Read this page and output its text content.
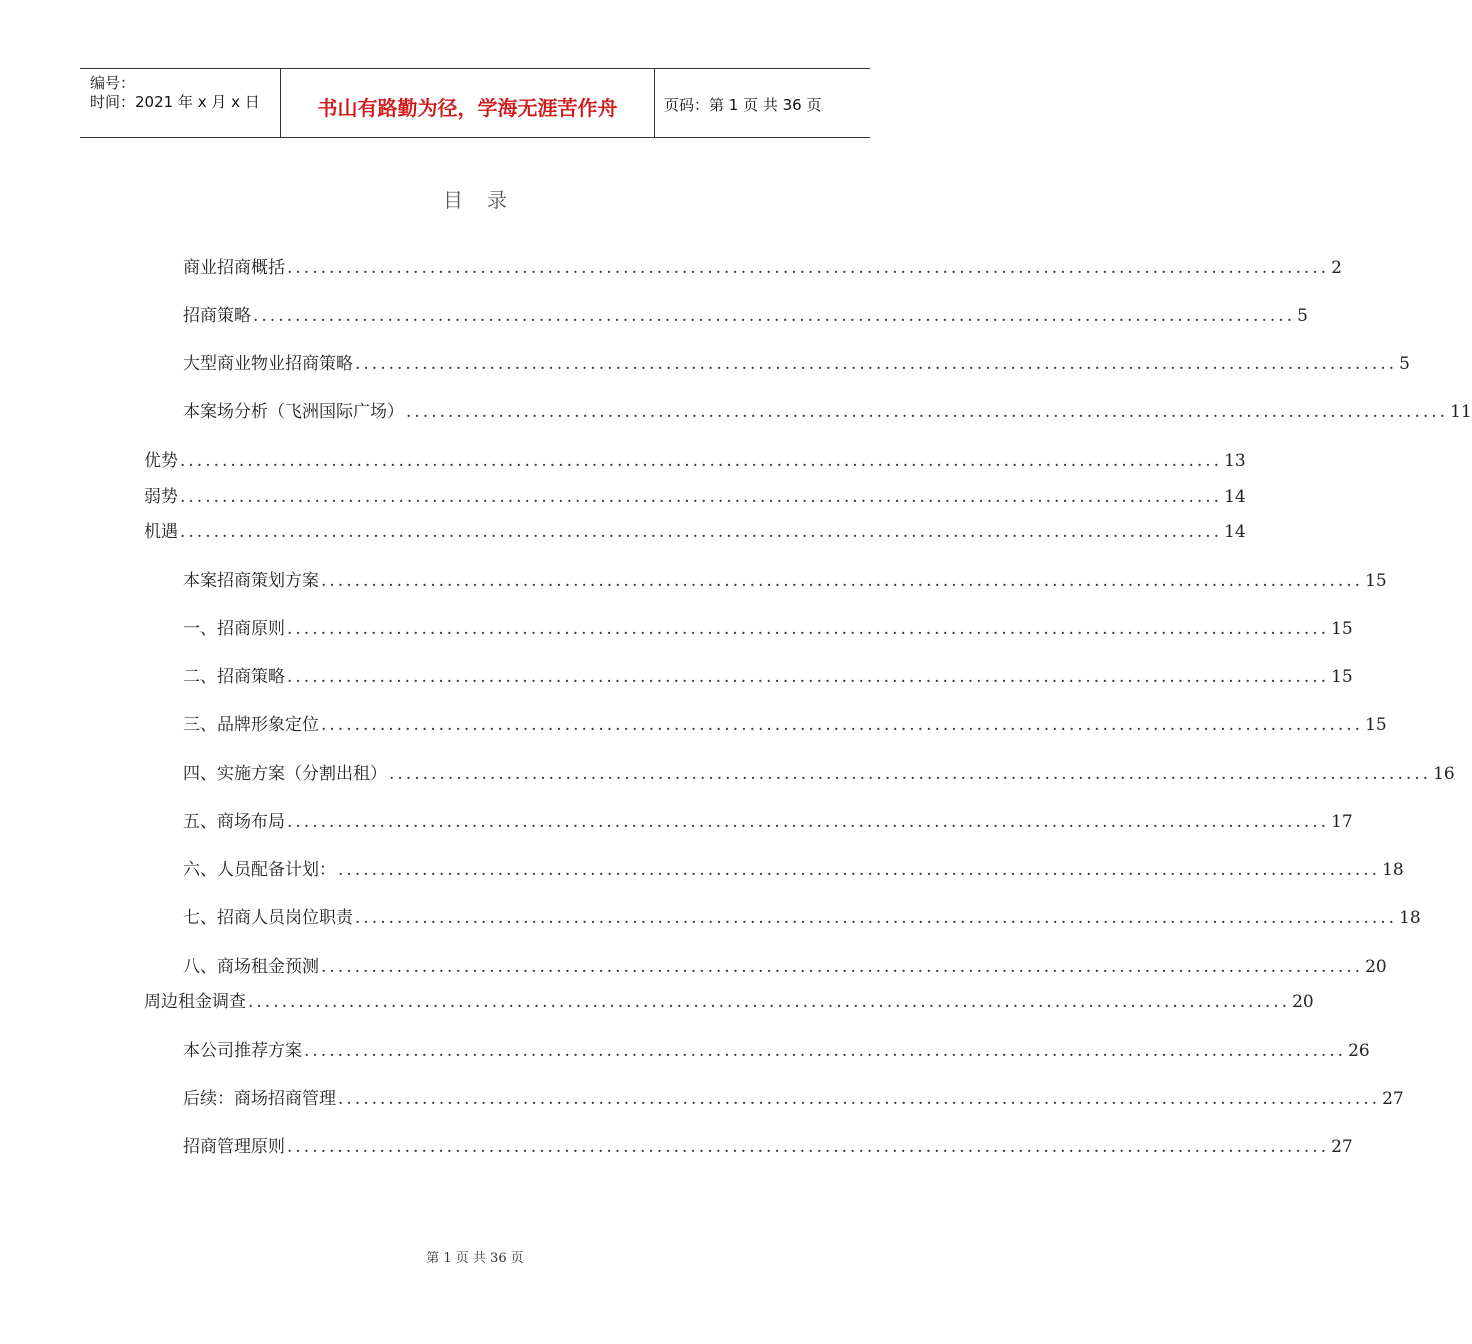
编号：
时间：2021 年 x 月 x 日	书山有路勤为径，学海无涯苦作舟	页码：第 1 页 共 36 页
目录
商业招商概括 ............................................................................................................................ 2
招商策略 ............................................................................................................................ 5
大型商业物业招商策略 ............................................................................................................................ 5
本案场分析（飞洲国际广场） ............................................................................................................................ 11
优势 ............................................................................................................................ 13
弱势 ............................................................................................................................ 14
机遇 ............................................................................................................................ 14
本案招商策划方案 ............................................................................................................................ 15
一、招商原则 ............................................................................................................................ 15
二、招商策略 ............................................................................................................................ 15
三、品牌形象定位 ............................................................................................................................ 15
四、实施方案（分割出租） ............................................................................................................................ 16
五、商场布局 ............................................................................................................................ 17
六、人员配备计划： ............................................................................................................................ 18
七、招商人员岗位职责 ............................................................................................................................ 18
八、商场租金预测 ............................................................................................................................ 20
周边租金调查 ............................................................................................................................ 20
本公司推荐方案 ............................................................................................................................ 26
后续：商场招商管理 ............................................................................................................................ 27
招商管理原则 ............................................................................................................................ 27
第 1 页 共 36 页
